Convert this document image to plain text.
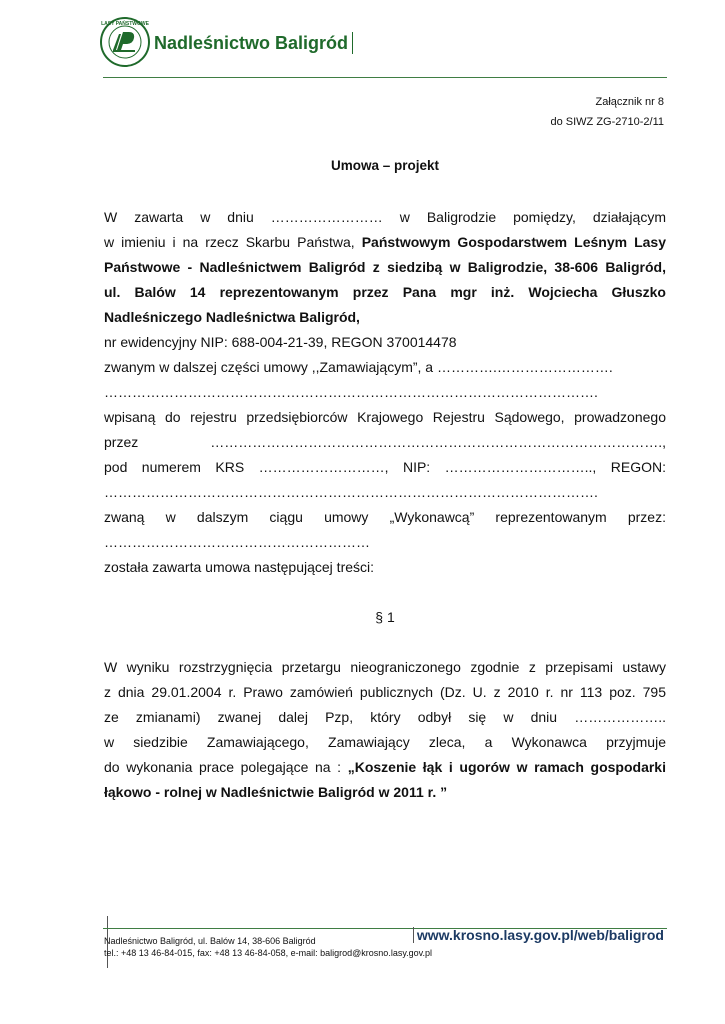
LASY PAŃSTWOWE
Nadleśnictwo Baligród
Załącznik nr 8
do SIWZ ZG-2710-2/11
Umowa – projekt

W zawarta w dniu …………………… w Baligrodzie pomiędzy, działającym

w imieniu i na rzecz Skarbu Państwa, Państwowym Gospodarstwem Leśnym Lasy

Państwowe - Nadleśnictwem Baligród z siedzibą w Baligrodzie, 38-606 Baligród,

ul. Balów 14 reprezentowanym przez Pana mgr inż. Wojciecha Głuszko

Nadleśniczego Nadleśnictwa Baligród,

nr ewidencyjny NIP: 688-004-21-39, REGON 370014478

zwanym w dalszej części umowy ,,Zamawiającym”, a ………….…………………….

…………………………………………………………………………………………….

wpisaną do rejestru przedsiębiorców Krajowego Rejestru Sądowego, prowadzonego

przez …………………………………………………………………………………….,

pod numerem KRS ………………………, NIP: ………………………….., REGON:

…………………………………………………………………………………………….

zwaną w dalszym ciągu umowy „Wykonawcą” reprezentowanym przez:

…………………………………………………

została zawarta umowa następującej treści:

§ 1

W wyniku rozstrzygnięcia przetargu nieograniczonego zgodnie z przepisami ustawy

z dnia 29.01.2004 r. Prawo zamówień publicznych (Dz. U. z 2010 r. nr 113 poz. 795

ze zmianami) zwanej dalej Pzp, który odbył się w dniu ………………..

w siedzibie Zamawiającego, Zamawiający zleca, a Wykonawca przyjmuje

do wykonania prace polegające na : „Koszenie łąk i ugorów w ramach gospodarki

łąkowo - rolnej w Nadleśnictwie Baligród w 2011 r. ”

Nadleśnictwo Baligród, ul. Balów 14, 38-606 Baligród
tel.: +48 13 46-84-015, fax: +48 13 46-84-058, e-mail: baligrod@krosno.lasy.gov.pl
www.krosno.lasy.gov.pl/web/baligrod
